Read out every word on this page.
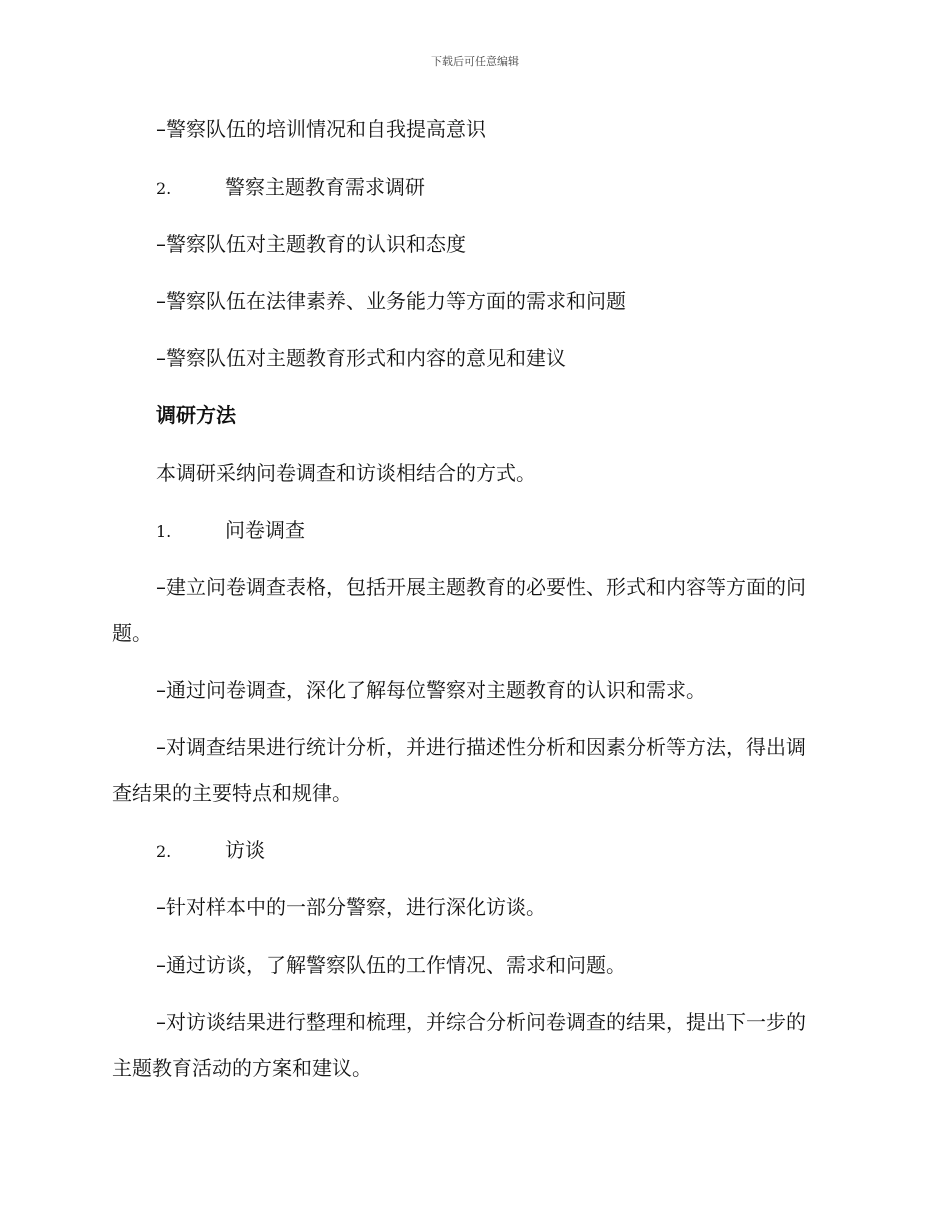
下载后可任意编辑
–警察队伍的培训情况和自我提高意识
2.	警察主题教育需求调研
–警察队伍对主题教育的认识和态度
–警察队伍在法律素养、业务能力等方面的需求和问题
–警察队伍对主题教育形式和内容的意见和建议
调研方法
本调研采纳问卷调查和访谈相结合的方式。
1.	问卷调查
–建立问卷调查表格，包括开展主题教育的必要性、形式和内容等方面的问题。
–通过问卷调查，深化了解每位警察对主题教育的认识和需求。
–对调查结果进行统计分析，并进行描述性分析和因素分析等方法，得出调查结果的主要特点和规律。
2.	访谈
–针对样本中的一部分警察，进行深化访谈。
–通过访谈，了解警察队伍的工作情况、需求和问题。
–对访谈结果进行整理和梳理，并综合分析问卷调查的结果，提出下一步的主题教育活动的方案和建议。
